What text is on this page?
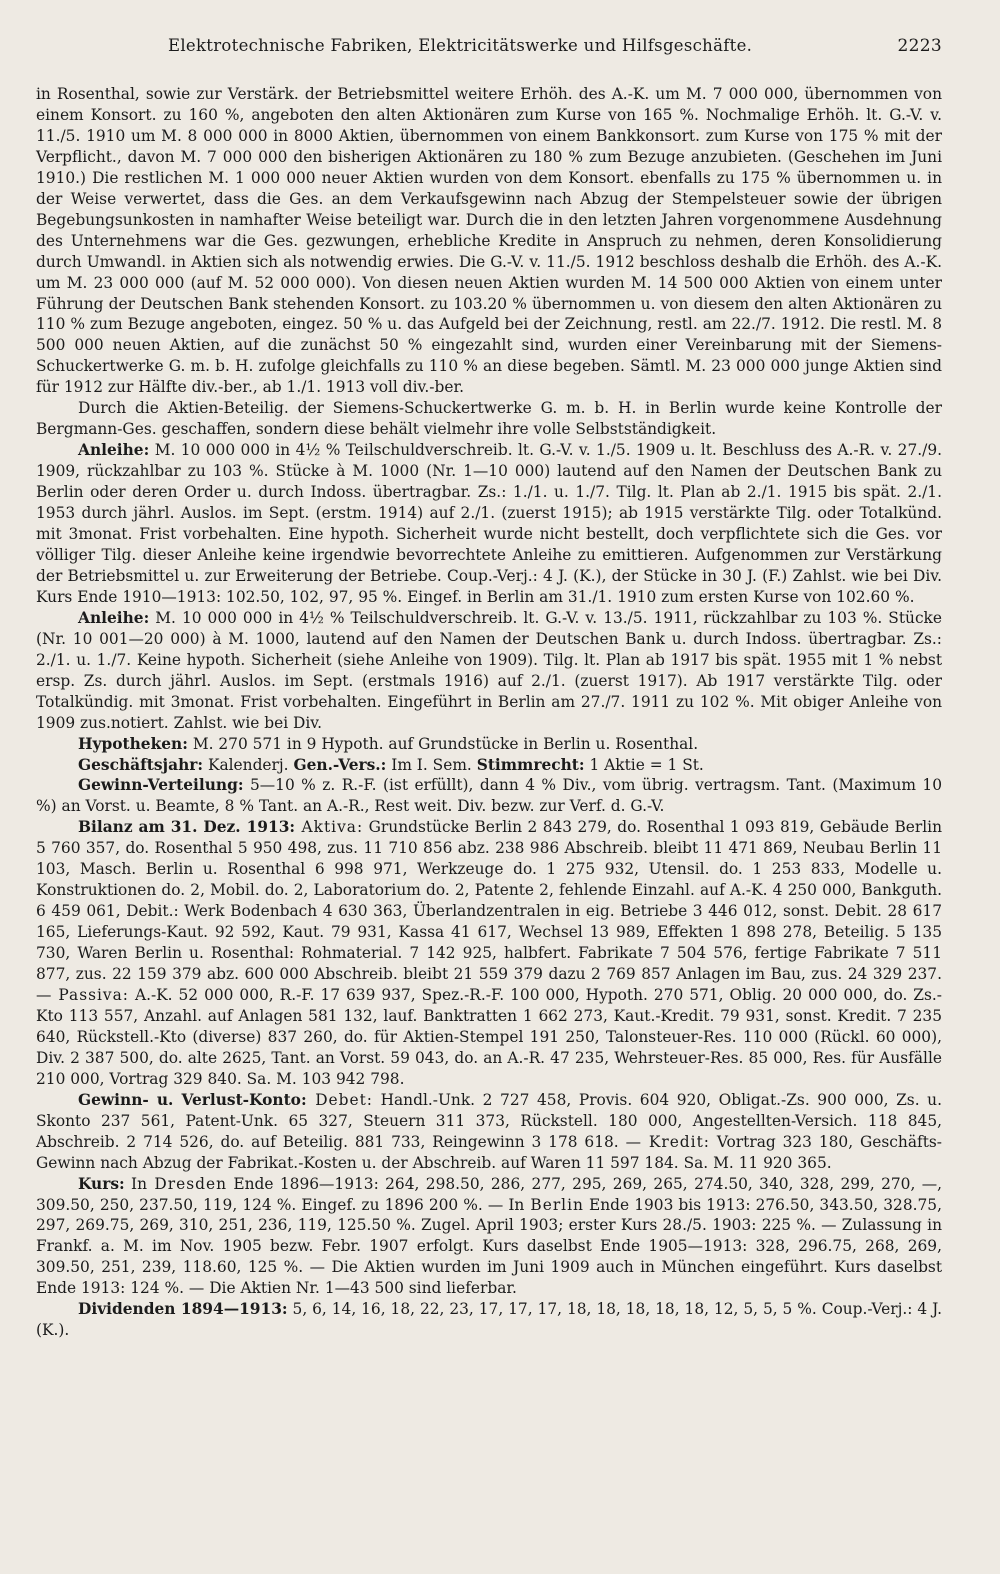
Elektrotechnische Fabriken, Elektricitätswerke und Hilfsgeschäfte.	2223

in Rosenthal, sowie zur Verstärk. der Betriebsmittel weitere Erhöh. des A.-K. um M. 7 000 000, übernommen von einem Konsort. zu 160 %, angeboten den alten Aktionären zum Kurse von 165 %. Nochmalige Erhöh. lt. G.-V. v. 11./5. 1910 um M. 8 000 000 in 8000 Aktien, übernommen von einem Bankkonsort. zum Kurse von 175 % mit der Verpflicht., davon M. 7 000 000 den bisherigen Aktionären zu 180 % zum Bezuge anzubieten. (Geschehen im Juni 1910.) Die restlichen M. 1 000 000 neuer Aktien wurden von dem Konsort. ebenfalls zu 175 % übernommen u. in der Weise verwertet, dass die Ges. an dem Verkaufsgewinn nach Abzug der Stempelsteuer sowie der übrigen Begebungsunkosten in namhafter Weise beteiligt war. Durch die in den letzten Jahren vorgenommene Ausdehnung des Unternehmens war die Ges. gezwungen, erhebliche Kredite in Anspruch zu nehmen, deren Konsolidierung durch Umwandl. in Aktien sich als notwendig erwies. Die G.-V. v. 11./5. 1912 beschloss deshalb die Erhöh. des A.-K. um M. 23 000 000 (auf M. 52 000 000). Von diesen neuen Aktien wurden M. 14 500 000 Aktien von einem unter Führung der Deutschen Bank stehenden Konsort. zu 103.20 % übernommen u. von diesem den alten Aktionären zu 110 % zum Bezuge angeboten, eingez. 50 % u. das Aufgeld bei der Zeichnung, restl. am 22./7. 1912. Die restl. M. 8 500 000 neuen Aktien, auf die zunächst 50 % eingezahlt sind, wurden einer Vereinbarung mit der Siemens-Schuckertwerke G. m. b. H. zufolge gleichfalls zu 110 % an diese begeben. Sämtl. M. 23 000 000 junge Aktien sind für 1912 zur Hälfte div.-ber., ab 1./1. 1913 voll div.-ber.

Durch die Aktien-Beteilig. der Siemens-Schuckertwerke G. m. b. H. in Berlin wurde keine Kontrolle der Bergmann-Ges. geschaffen, sondern diese behält vielmehr ihre volle Selbstständigkeit.

Anleihe: M. 10 000 000 in 4½ % Teilschuldverschreib. lt. G.-V. v. 1./5. 1909 u. lt. Beschluss des A.-R. v. 27./9. 1909, rückzahlbar zu 103 %. Stücke à M. 1000 (Nr. 1—10 000) lautend auf den Namen der Deutschen Bank zu Berlin oder deren Order u. durch Indoss. übertragbar. Zs.: 1./1. u. 1./7. Tilg. lt. Plan ab 2./1. 1915 bis spät. 2./1. 1953 durch jährl. Auslos. im Sept. (erstm. 1914) auf 2./1. (zuerst 1915); ab 1915 verstärkte Tilg. oder Totalkünd. mit 3monat. Frist vorbehalten. Eine hypoth. Sicherheit wurde nicht bestellt, doch verpflichtete sich die Ges. vor völliger Tilg. dieser Anleihe keine irgendwie bevorrechtete Anleihe zu emittieren. Aufgenommen zur Verstärkung der Betriebsmittel u. zur Erweiterung der Betriebe. Coup.-Verj.: 4 J. (K.), der Stücke in 30 J. (F.) Zahlst. wie bei Div. Kurs Ende 1910—1913: 102.50, 102, 97, 95 %. Eingef. in Berlin am 31./1. 1910 zum ersten Kurse von 102.60 %.

Anleihe: M. 10 000 000 in 4½ % Teilschuldverschreib. lt. G.-V. v. 13./5. 1911, rückzahlbar zu 103 %. Stücke (Nr. 10 001—20 000) à M. 1000, lautend auf den Namen der Deutschen Bank u. durch Indoss. übertragbar. Zs.: 2./1. u. 1./7. Keine hypoth. Sicherheit (siehe Anleihe von 1909). Tilg. lt. Plan ab 1917 bis spät. 1955 mit 1 % nebst ersp. Zs. durch jährl. Auslos. im Sept. (erstmals 1916) auf 2./1. (zuerst 1917). Ab 1917 verstärkte Tilg. oder Totalkündig. mit 3monat. Frist vorbehalten. Eingeführt in Berlin am 27./7. 1911 zu 102 %. Mit obiger Anleihe von 1909 zus.notiert. Zahlst. wie bei Div.

Hypotheken: M. 270 571 in 9 Hypoth. auf Grundstücke in Berlin u. Rosenthal.

Geschäftsjahr: Kalenderj. Gen.-Vers.: Im I. Sem. Stimmrecht: 1 Aktie = 1 St.

Gewinn-Verteilung: 5—10 % z. R.-F. (ist erfüllt), dann 4 % Div., vom übrig. vertragsm. Tant. (Maximum 10 %) an Vorst. u. Beamte, 8 % Tant. an A.-R., Rest weit. Div. bezw. zur Verf. d. G.-V.

Bilanz am 31. Dez. 1913: Aktiva: Grundstücke Berlin 2 843 279, do. Rosenthal 1 093 819, Gebäude Berlin 5 760 357, do. Rosenthal 5 950 498, zus. 11 710 856 abz. 238 986 Abschreib. bleibt 11 471 869, Neubau Berlin 11 103, Masch. Berlin u. Rosenthal 6 998 971, Werkzeuge do. 1 275 932, Utensil. do. 1 253 833, Modelle u. Konstruktionen do. 2, Mobil. do. 2, Laboratorium do. 2, Patente 2, fehlende Einzahl. auf A.-K. 4 250 000, Bankguth. 6 459 061, Debit.: Werk Bodenbach 4 630 363, Überlandzentralen in eig. Betriebe 3 446 012, sonst. Debit. 28 617 165, Lieferungs-Kaut. 92 592, Kaut. 79 931, Kassa 41 617, Wechsel 13 989, Effekten 1 898 278, Beteilig. 5 135 730, Waren Berlin u. Rosenthal: Rohmaterial. 7 142 925, halbfert. Fabrikate 7 504 576, fertige Fabrikate 7 511 877, zus. 22 159 379 abz. 600 000 Abschreib. bleibt 21 559 379 dazu 2 769 857 Anlagen im Bau, zus. 24 329 237. — Passiva: A.-K. 52 000 000, R.-F. 17 639 937, Spez.-R.-F. 100 000, Hypoth. 270 571, Oblig. 20 000 000, do. Zs.-Kto 113 557, Anzahl. auf Anlagen 581 132, lauf. Banktratten 1 662 273, Kaut.-Kredit. 79 931, sonst. Kredit. 7 235 640, Rückstell.-Kto (diverse) 837 260, do. für Aktien-Stempel 191 250, Talonsteuer-Res. 110 000 (Rückl. 60 000), Div. 2 387 500, do. alte 2625, Tant. an Vorst. 59 043, do. an A.-R. 47 235, Wehrsteuer-Res. 85 000, Res. für Ausfälle 210 000, Vortrag 329 840. Sa. M. 103 942 798.

Gewinn- u. Verlust-Konto: Debet: Handl.-Unk. 2 727 458, Provis. 604 920, Obligat.-Zs. 900 000, Zs. u. Skonto 237 561, Patent-Unk. 65 327, Steuern 311 373, Rückstell. 180 000, Angestellten-Versich. 118 845, Abschreib. 2 714 526, do. auf Beteilig. 881 733, Reingewinn 3 178 618. — Kredit: Vortrag 323 180, Geschäfts-Gewinn nach Abzug der Fabrikat.-Kosten u. der Abschreib. auf Waren 11 597 184. Sa. M. 11 920 365.

Kurs: In Dresden Ende 1896—1913: 264, 298.50, 286, 277, 295, 269, 265, 274.50, 340, 328, 299, 270, —, 309.50, 250, 237.50, 119, 124 %. Eingef. zu 1896 200 %. — In Berlin Ende 1903 bis 1913: 276.50, 343.50, 328.75, 297, 269.75, 269, 310, 251, 236, 119, 125.50 %. Zugel. April 1903; erster Kurs 28./5. 1903: 225 %. — Zulassung in Frankf. a. M. im Nov. 1905 bezw. Febr. 1907 erfolgt. Kurs daselbst Ende 1905—1913: 328, 296.75, 268, 269, 309.50, 251, 239, 118.60, 125 %. — Die Aktien wurden im Juni 1909 auch in München eingeführt. Kurs daselbst Ende 1913: 124 %. — Die Aktien Nr. 1—43 500 sind lieferbar.

Dividenden 1894—1913: 5, 6, 14, 16, 18, 22, 23, 17, 17, 17, 18, 18, 18, 18, 18, 12, 5, 5, 5 %. Coup.-Verj.: 4 J. (K.).
